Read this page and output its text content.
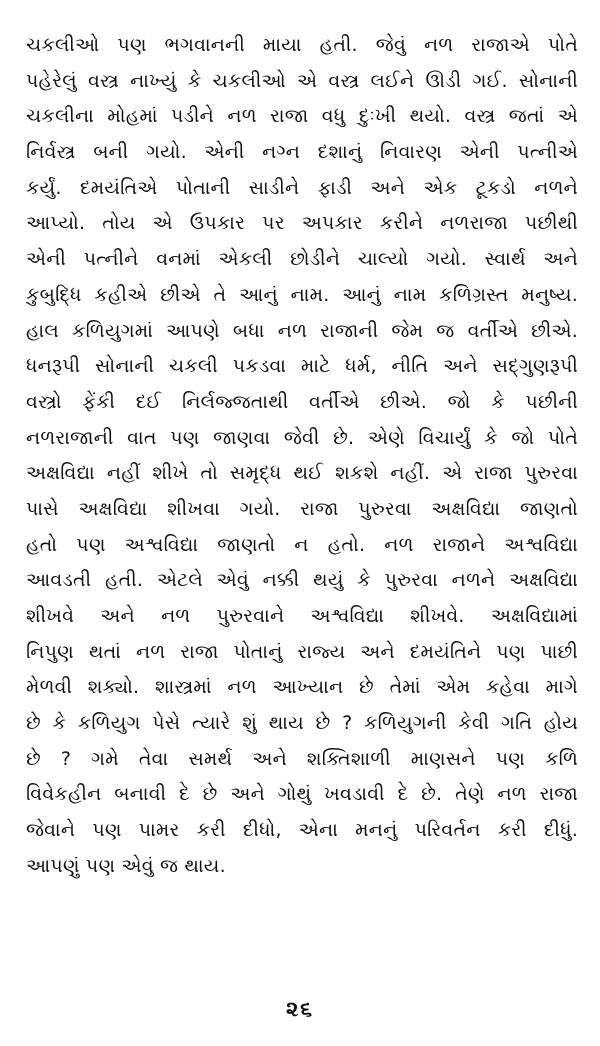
ચકલીઓ પણ ભગવાનની માયા હતી. જેવું નળ રાજાએ પોતે
પહેરેલું વસ્ત્ર નાખ્યું કે ચકલીઓ એ વસ્ત્ર લઈને ઊડી ગઈ. સોનાની
ચકલીના મોહમાં પડીને નળ રાજા વધુ દુઃખી થયો. વસ્ત્ર જતાં એ
નિર્વસ્ત્ર બની ગયો. એની નગ્ન દશાનું નિવારણ એની પત્નીએ
કર્યું. દમયંતિએ પોતાની સાડીને ફાડી અને એક ટૂકડો નળને
આપ્યો. તોય એ ઉપકાર પર અપકાર કરીને નળરાજા પછીથી
એની પત્નીને વનમાં એકલી છોડીને ચાલ્યો ગયો. સ્વાર્થ અને
કુબુદ્ધિ કહીએ છીએ તે આનું નામ. આનું નામ કળિગ્રસ્ત મનુષ્ય.
હાલ કળિયુગમાં આપણે બધા નળ રાજાની જેમ જ વર્તીએ છીએ.
ધનરૂપી સોનાની ચકલી પકડવા માટે ધર્મ, નીતિ અને સદ્ગુણરૂપી
વસ્ત્રો ફેંકી દઈ નિર્લજ્જતાથી વર્તીએ છીએ. જો કે પછીની
નળરાજાની વાત પણ જાણવા જેવી છે. એણે વિચાર્યું કે જો પોતે
અક્ષવિદ્યા નહીં શીખે તો સમૃદ્ધ થઈ શકશે નહીં. એ રાજા પુરુરવા
પાસે અક્ષવિદ્યા શીખવા ગયો. રાજા પુરુરવા અક્ષવિદ્યા જાણતો
હતો પણ અશ્વવિદ્યા જાણતો ન હતો. નળ રાજાને અશ્વવિદ્યા
આવડતી હતી. એટલે એવું નક્કી થયું કે પુરુરવા નળને અક્ષવિદ્યા
શીખવે અને નળ પુરુરવાને અશ્વવિદ્યા શીખવે. અક્ષવિદ્યામાં
નિપુણ થતાં નળ રાજા પોતાનું રાજ્ય અને દમયંતિને પણ પાછી
મેળવી શક્યો. શાસ્ત્રમાં નળ આખ્યાન છે તેમાં એમ કહેવા માગે
છે કે કળિયુગ પેસે ત્યારે શું થાય છે ? કળિયુગની કેવી ગતિ હોય
છે ? ગમે તેવા સમર્થ અને શક્તિશાળી માણસને પણ કળિ
વિવેકહીન બનાવી દે છે અને ગોથું ખવડાવી દે છે. તેણે નળ રાજા
જેવાને પણ પામર કરી દીધો, એના મનનું પરિવર્તન કરી દીધું.
આપણું પણ એવું જ થાય.
૨૬
